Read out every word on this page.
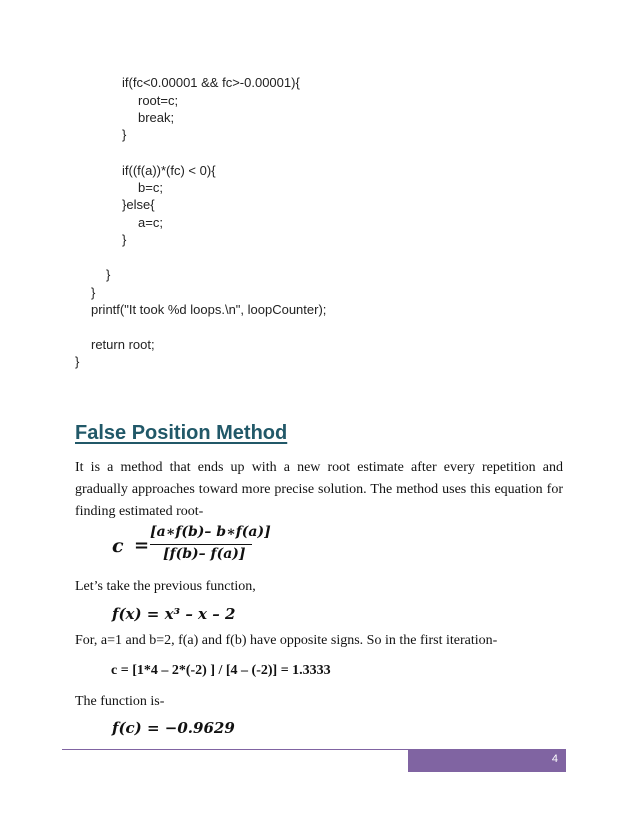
if(fc<0.00001 && fc>-0.00001){
root=c;
break;
}
if((f(a))*(fc) < 0){
b=c;
}else{
a=c;
}
}
}
printf("It took %d loops.\n", loopCounter);
return root;
}
False Position Method

It is a method that ends up with a new root estimate after every repetition and gradually approaches toward more precise solution. The method uses this equation for finding estimated root-

c =
[a∗f(b)– b∗f(a)]
[f(b)– f(a)]

Let’s take the previous function,

f(x) = x³ – x – 2

For, a=1 and b=2, f(a) and f(b) have opposite signs. So in the first iteration-

c = [1*4 – 2*(-2) ] / [4 – (-2)] = 1.3333

The function is-

f(c) = −0.9629
4
